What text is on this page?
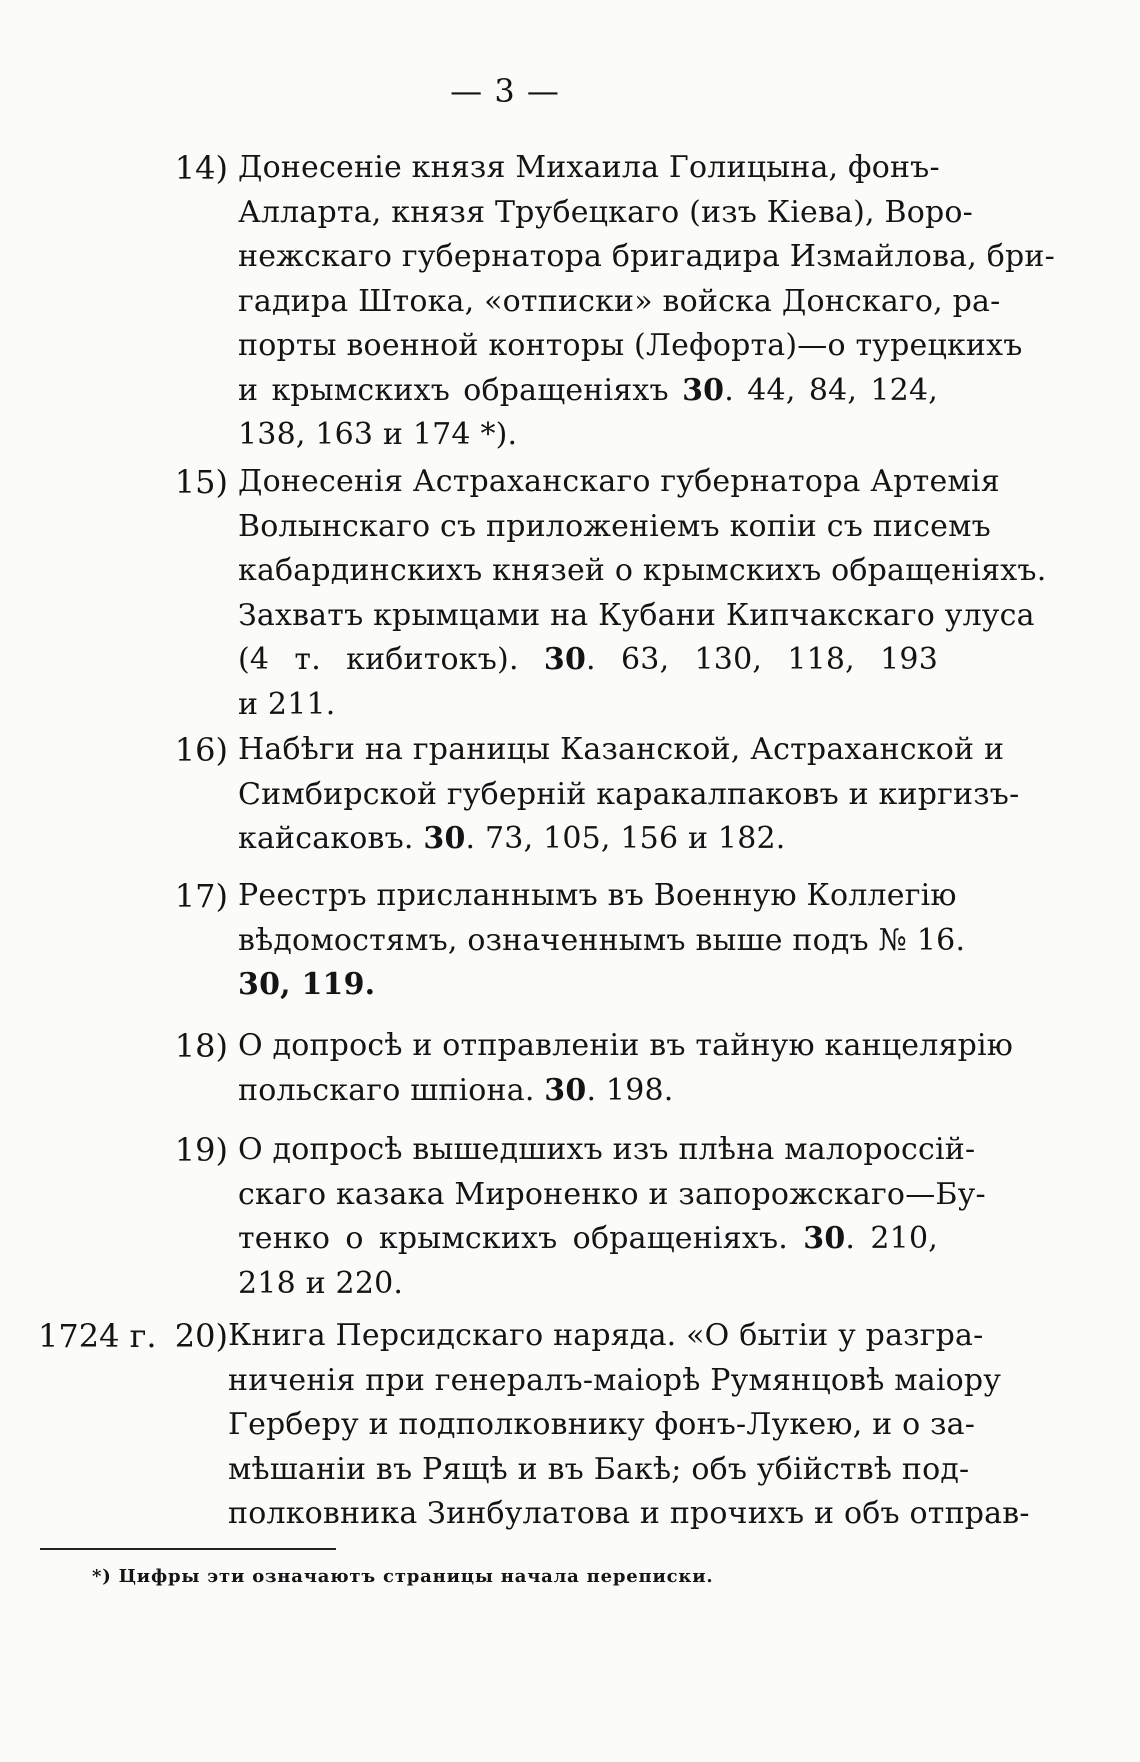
— 3 —
14) Донесеніе князя Михаила Голицына, фонъ-
Алларта, князя Трубецкаго (изъ Кіева), Воро-
нежскаго губернатора бригадира Измайлова, бри-
гадира Штока, «отписки» войска Донскаго, ра-
порты военной конторы (Лефорта)—о турецкихъ
и крымскихъ обращеніяхъ 30. 44, 84, 124,
138, 163 и 174 *).
15) Донесенія Астраханскаго губернатора Артемія
Волынскаго съ приложеніемъ копіи съ писемъ
кабардинскихъ князей о крымскихъ обращеніяхъ.
Захватъ крымцами на Кубани Кипчакскаго улуса
(4 т. кибитокъ). 30. 63, 130, 118, 193
и 211.
16) Набѣги на границы Казанской, Астраханской и
Симбирской губерній каракалпаковъ и киргизъ-
кайсаковъ. 30. 73, 105, 156 и 182.
17) Реестръ присланнымъ въ Военную Коллегію
вѣдомостямъ, означеннымъ выше подъ № 16.
30, 119.
18) О допросѣ и отправленіи въ тайную канцелярію
польскаго шпіона. 30. 198.
19) О допросѣ вышедшихъ изъ плѣна малороссій-
скаго казака Мироненко и запорожскаго—Бу-
тенко о крымскихъ обращеніяхъ. 30. 210,
218 и 220.
1724 г. 20) Книга Персидскаго наряда. «О бытіи у разгра-
ниченія при генералъ-маіорѣ Румянцовѣ маіору
Герберу и подполковнику фонъ-Лукею, и о за-
мѣшаніи въ Рящѣ и въ Бакѣ; объ убійствѣ под-
полковника Зинбулатова и прочихъ и объ отправ-
*) Цифры эти означаютъ страницы начала переписки.
